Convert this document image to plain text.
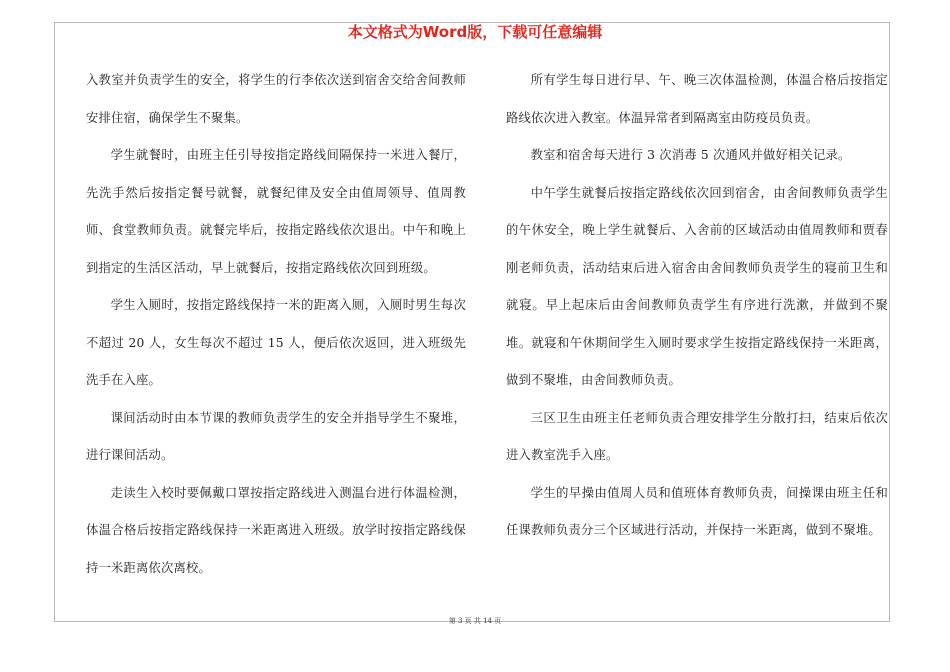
本文格式为Word版，下载可任意编辑

入教室并负责学生的安全，将学生的行李依次送到宿舍交给舍间教师安排住宿，确保学生不聚集。

学生就餐时，由班主任引导按指定路线间隔保持一米进入餐厅，先洗手然后按指定餐号就餐，就餐纪律及安全由值周领导、值周教师、食堂教师负责。就餐完毕后，按指定路线依次退出。中午和晚上到指定的生活区活动，早上就餐后，按指定路线依次回到班级。

学生入厕时，按指定路线保持一米的距离入厕，入厕时男生每次不超过 20 人，女生每次不超过 15 人，便后依次返回，进入班级先洗手在入座。

课间活动时由本节课的教师负责学生的安全并指导学生不聚堆，进行课间活动。

走读生入校时要佩戴口罩按指定路线进入测温台进行体温检测，体温合格后按指定路线保持一米距离进入班级。放学时按指定路线保持一米距离依次离校。

所有学生每日进行早、午、晚三次体温检测，体温合格后按指定路线依次进入教室。体温异常者到隔离室由防疫员负责。

教室和宿舍每天进行 3 次消毒 5 次通风并做好相关记录。

中午学生就餐后按指定路线依次回到宿舍，由舍间教师负责学生的午休安全，晚上学生就餐后、入舍前的区域活动由值周教师和贾春刚老师负责，活动结束后进入宿舍由舍间教师负责学生的寝前卫生和就寝。早上起床后由舍间教师负责学生有序进行洗漱，并做到不聚堆。就寝和午休期间学生入厕时要求学生按指定路线保持一米距离，做到不聚堆，由舍间教师负责。

三区卫生由班主任老师负责合理安排学生分散打扫，结束后依次进入教室洗手入座。

学生的早操由值周人员和值班体育教师负责，间操课由班主任和任课教师负责分三个区域进行活动，并保持一米距离，做到不聚堆。

第 3 页 共 14 页
